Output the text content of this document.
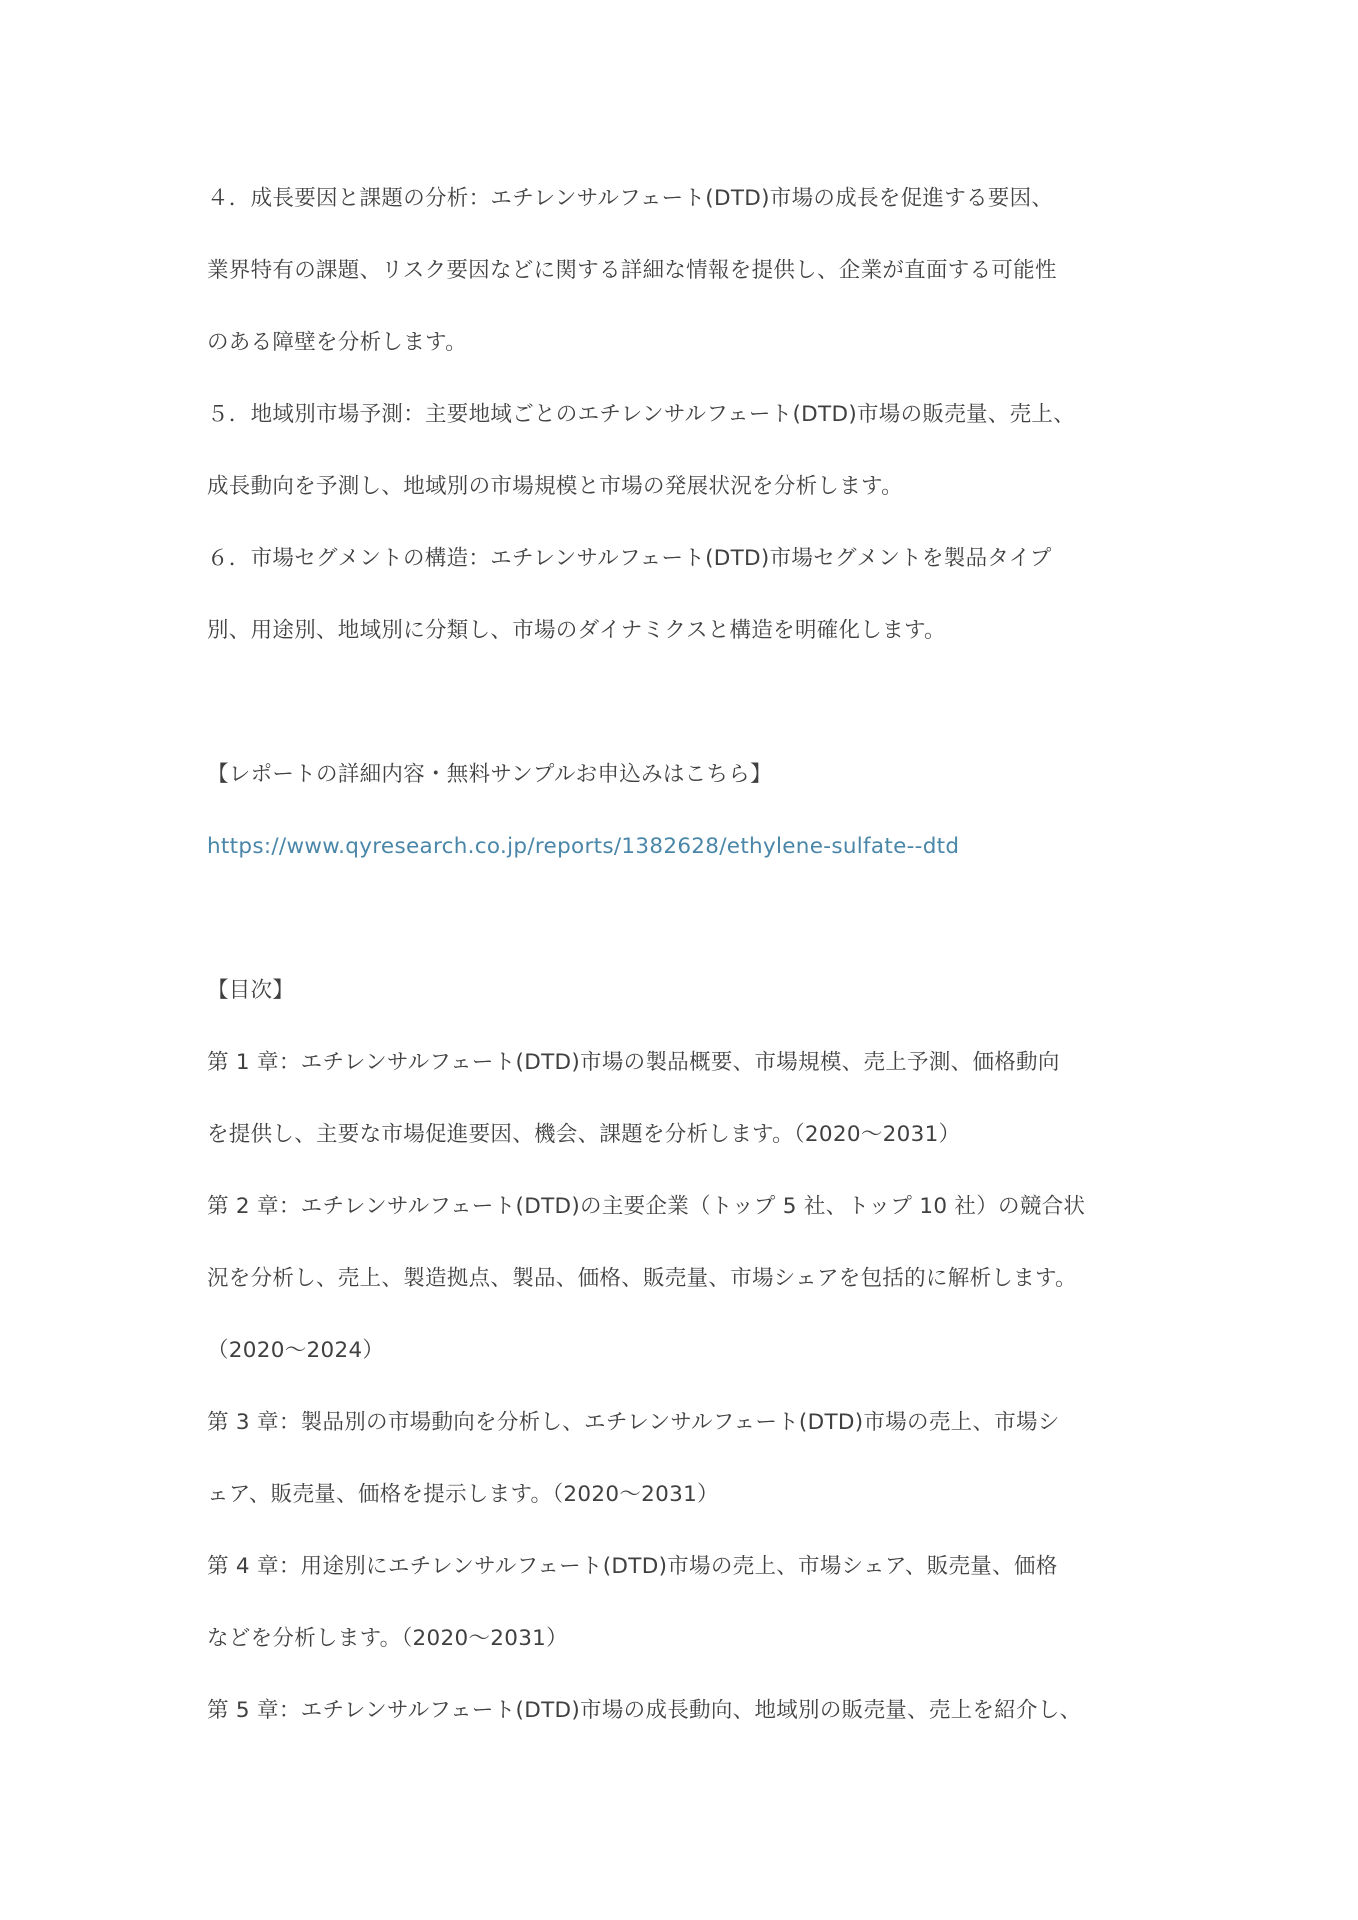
４．成長要因と課題の分析：エチレンサルフェート(DTD)市場の成長を促進する要因、
業界特有の課題、リスク要因などに関する詳細な情報を提供し、企業が直面する可能性
のある障壁を分析します。
５．地域別市場予測：主要地域ごとのエチレンサルフェート(DTD)市場の販売量、売上、
成長動向を予測し、地域別の市場規模と市場の発展状況を分析します。
６．市場セグメントの構造：エチレンサルフェート(DTD)市場セグメントを製品タイプ
別、用途別、地域別に分類し、市場のダイナミクスと構造を明確化します。
【レポートの詳細内容・無料サンプルお申込みはこちら】
https://www.qyresearch.co.jp/reports/1382628/ethylene-sulfate--dtd
【目次】
第 1 章：エチレンサルフェート(DTD)市場の製品概要、市場規模、売上予測、価格動向
を提供し、主要な市場促進要因、機会、課題を分析します。（2020～2031）
第 2 章：エチレンサルフェート(DTD)の主要企業（トップ 5 社、トップ 10 社）の競合状
況を分析し、売上、製造拠点、製品、価格、販売量、市場シェアを包括的に解析します。
（2020～2024）
第 3 章：製品別の市場動向を分析し、エチレンサルフェート(DTD)市場の売上、市場シ
ェア、販売量、価格を提示します。（2020～2031）
第 4 章：用途別にエチレンサルフェート(DTD)市場の売上、市場シェア、販売量、価格
などを分析します。（2020～2031）
第 5 章：エチレンサルフェート(DTD)市場の成長動向、地域別の販売量、売上を紹介し、
